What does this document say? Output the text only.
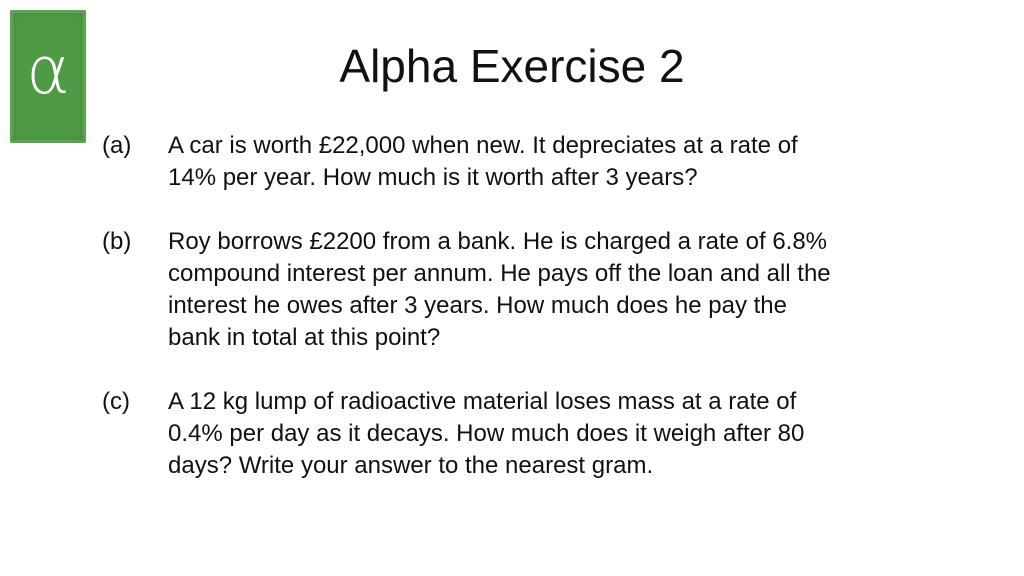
α	Alpha Exercise 2
(a) A car is worth £22,000 when new. It depreciates at a rate of
14% per year. How much is it worth after 3 years?
(b) Roy borrows £2200 from a bank. He is charged a rate of 6.8%
compound interest per annum. He pays off the loan and all the
interest he owes after 3 years. How much does he pay the
bank in total at this point?
(c) A 12 kg lump of radioactive material loses mass at a rate of
0.4% per day as it decays. How much does it weigh after 80
days? Write your answer to the nearest gram.
